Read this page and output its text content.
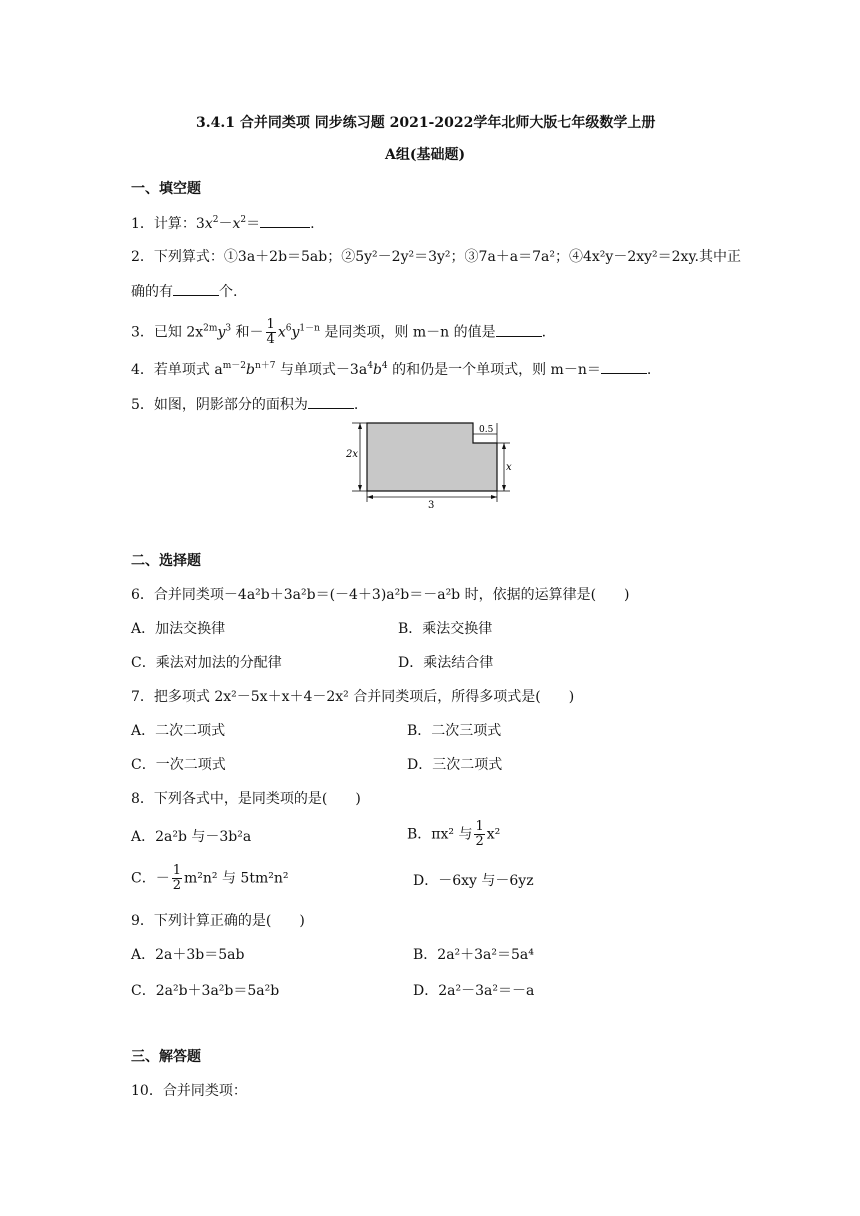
3.4.1 合并同类项 同步练习题 2021-2022学年北师大版七年级数学上册
A组(基础题)
一、填空题
1．计算：$3x^2-x^2=$	.
2．下列算式：①3a＋2b＝5ab；②5y²－2y²＝3y²；③7a＋a＝7a²；④4x²y－2xy²＝2xy.其中正
确的有	个.
3．已知 $2x^{2m}y^3$ 和－ $\frac{1}{4} x^6y^{1-n}$ 是同类项，则 m－n 的值是	.
4．若单项式 $a^{m-2}b^{n+7}$ 与单项式$-3a^4b^4$ 的和仍是一个单项式，则 m－n＝	.
5．如图，阴影部分的面积为	.
0.5
2x
x
3
二、选择题
6．合并同类项－4a²b＋3a²b＝(－4＋3)a²b＝－a²b 时，依据的运算律是(　　)
A．加法交换律	B．乘法交换律
C．乘法对加法的分配律	D．乘法结合律
7．把多项式 2x²－5x＋x＋4－2x² 合并同类项后，所得多项式是(　　)
A．二次二项式	B．二次三项式
C．一次二项式	D．三次二项式
8．下列各式中，是同类项的是(　　)
A．2a²b 与－3b²a	B．πx² 与 $\frac{1}{2} x^2$
C．－ $\frac{1}{2} m^2n^2$ 与 5tm²n²	D．－6xy 与－6yz
9．下列计算正确的是(　　)
A．2a＋3b＝5ab	B．2a²＋3a²＝5a⁴
C．2a²b＋3a²b＝5a²b	D．2a²－3a²＝－a
三、解答题
10．合并同类项：
